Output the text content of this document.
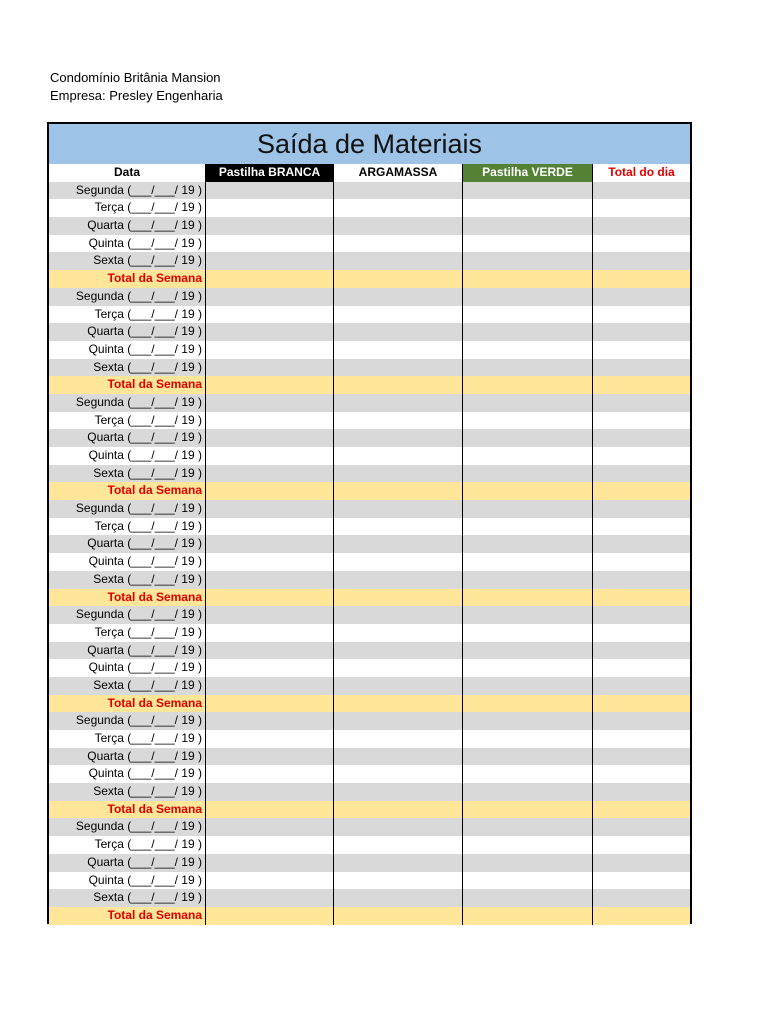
Condomínio Britânia Mansion
Empresa: Presley Engenharia
Saída de Materiais
Data	Pastilha BRANCA	ARGAMASSA	Pastilha VERDE	Total do dia
Segunda (___/___/ 19 )
Terça (___/___/ 19 )
Quarta (___/___/ 19 )
Quinta (___/___/ 19 )
Sexta (___/___/ 19 )
Total da Semana
Segunda (___/___/ 19 )
Terça (___/___/ 19 )
Quarta (___/___/ 19 )
Quinta (___/___/ 19 )
Sexta (___/___/ 19 )
Total da Semana
Segunda (___/___/ 19 )
Terça (___/___/ 19 )
Quarta (___/___/ 19 )
Quinta (___/___/ 19 )
Sexta (___/___/ 19 )
Total da Semana
Segunda (___/___/ 19 )
Terça (___/___/ 19 )
Quarta (___/___/ 19 )
Quinta (___/___/ 19 )
Sexta (___/___/ 19 )
Total da Semana
Segunda (___/___/ 19 )
Terça (___/___/ 19 )
Quarta (___/___/ 19 )
Quinta (___/___/ 19 )
Sexta (___/___/ 19 )
Total da Semana
Segunda (___/___/ 19 )
Terça (___/___/ 19 )
Quarta (___/___/ 19 )
Quinta (___/___/ 19 )
Sexta (___/___/ 19 )
Total da Semana
Segunda (___/___/ 19 )
Terça (___/___/ 19 )
Quarta (___/___/ 19 )
Quinta (___/___/ 19 )
Sexta (___/___/ 19 )
Total da Semana
